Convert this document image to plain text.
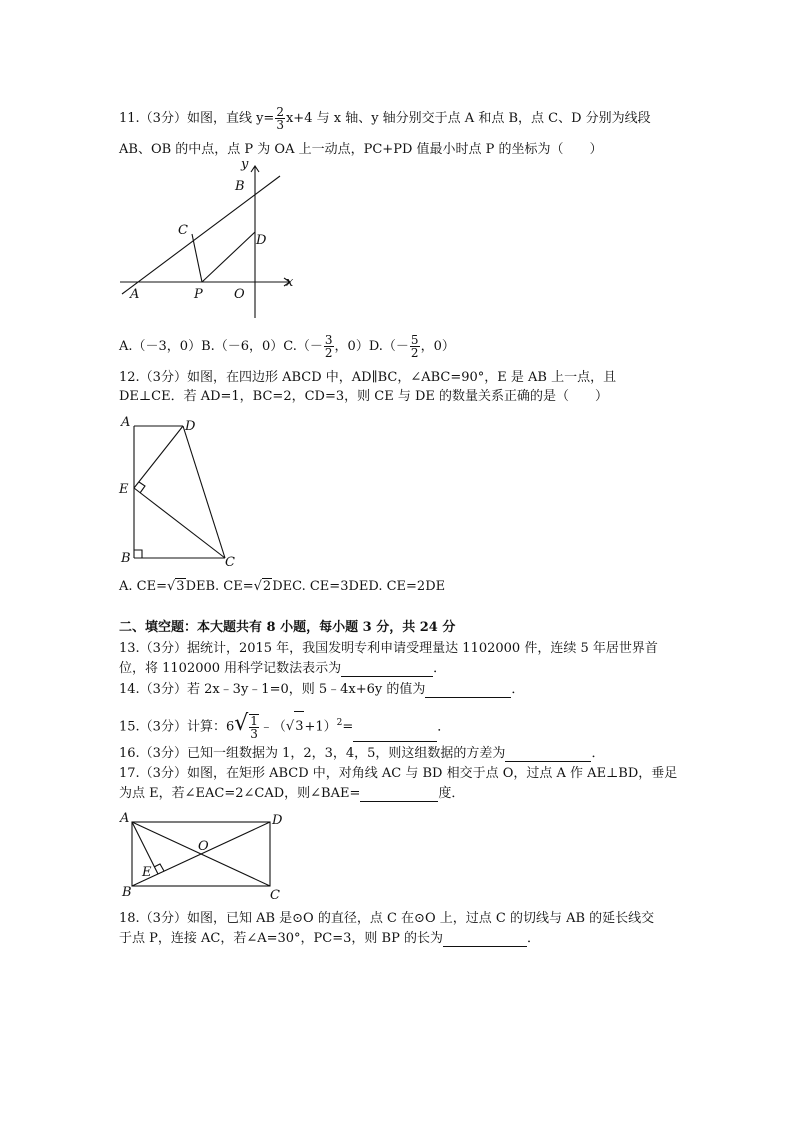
11.（3分）如图，直线 $y= \frac{2}{3} x+4$ 与 x 轴、y 轴分别交于点 A 和点 B，点 C、D 分别为线段
AB、OB 的中点，点 P 为 OA 上一动点，PC+PD 值最小时点 P 的坐标为（　　）
y
B
C
D
A	P O
x
A.（－3，0）B.（－6，$0)C.(- \frac{3}{2}$ ，$0)D.(- \frac{5}{2}$ ，0）
12.（3分）如图，在四边形 ABCD 中，AD∥BC，∠ABC=90°，E 是 AB 上一点，且
DE⊥CE．若 AD=1，BC=2，CD=3，则 CE 与 DE 的数量关系正确的是（　　）
A	D
E
B	C
A. CE=√3DEB. CE=√2DEC. CE=3DED. CE=2DE
二、填空题：本大题共有 8 小题，每小题 3 分，共 24 分
13.（3分）据统计，2015 年，我国发明专利申请受理量达 1102000 件，连续 5 年居世界首
位，将 1102000 用科学记数法表示为	．
14.（3分）若 2x﹣3y﹣1=0，则 5﹣4x+6y 的值为	．
15.（3分）计算：$6√ \frac{1}{3}$ $﹣(√3+1)^2=$	．
16.（3分）已知一组数据为 1，2，3，4，5，则这组数据的方差为	．
17.（3分）如图，在矩形 ABCD 中，对角线 AC 与 BD 相交于点 O，过点 A 作 AE⊥BD，垂足
为点 E，若∠EAC=2∠CAD，则∠BAE=	度．
A	D
O
E
B	C
18.（3分）如图，已知 AB 是⊙O 的直径，点 C 在⊙O 上，过点 C 的切线与 AB 的延长线交
于点 P，连接 AC，若∠A=30°，PC=3，则 BP 的长为	．
